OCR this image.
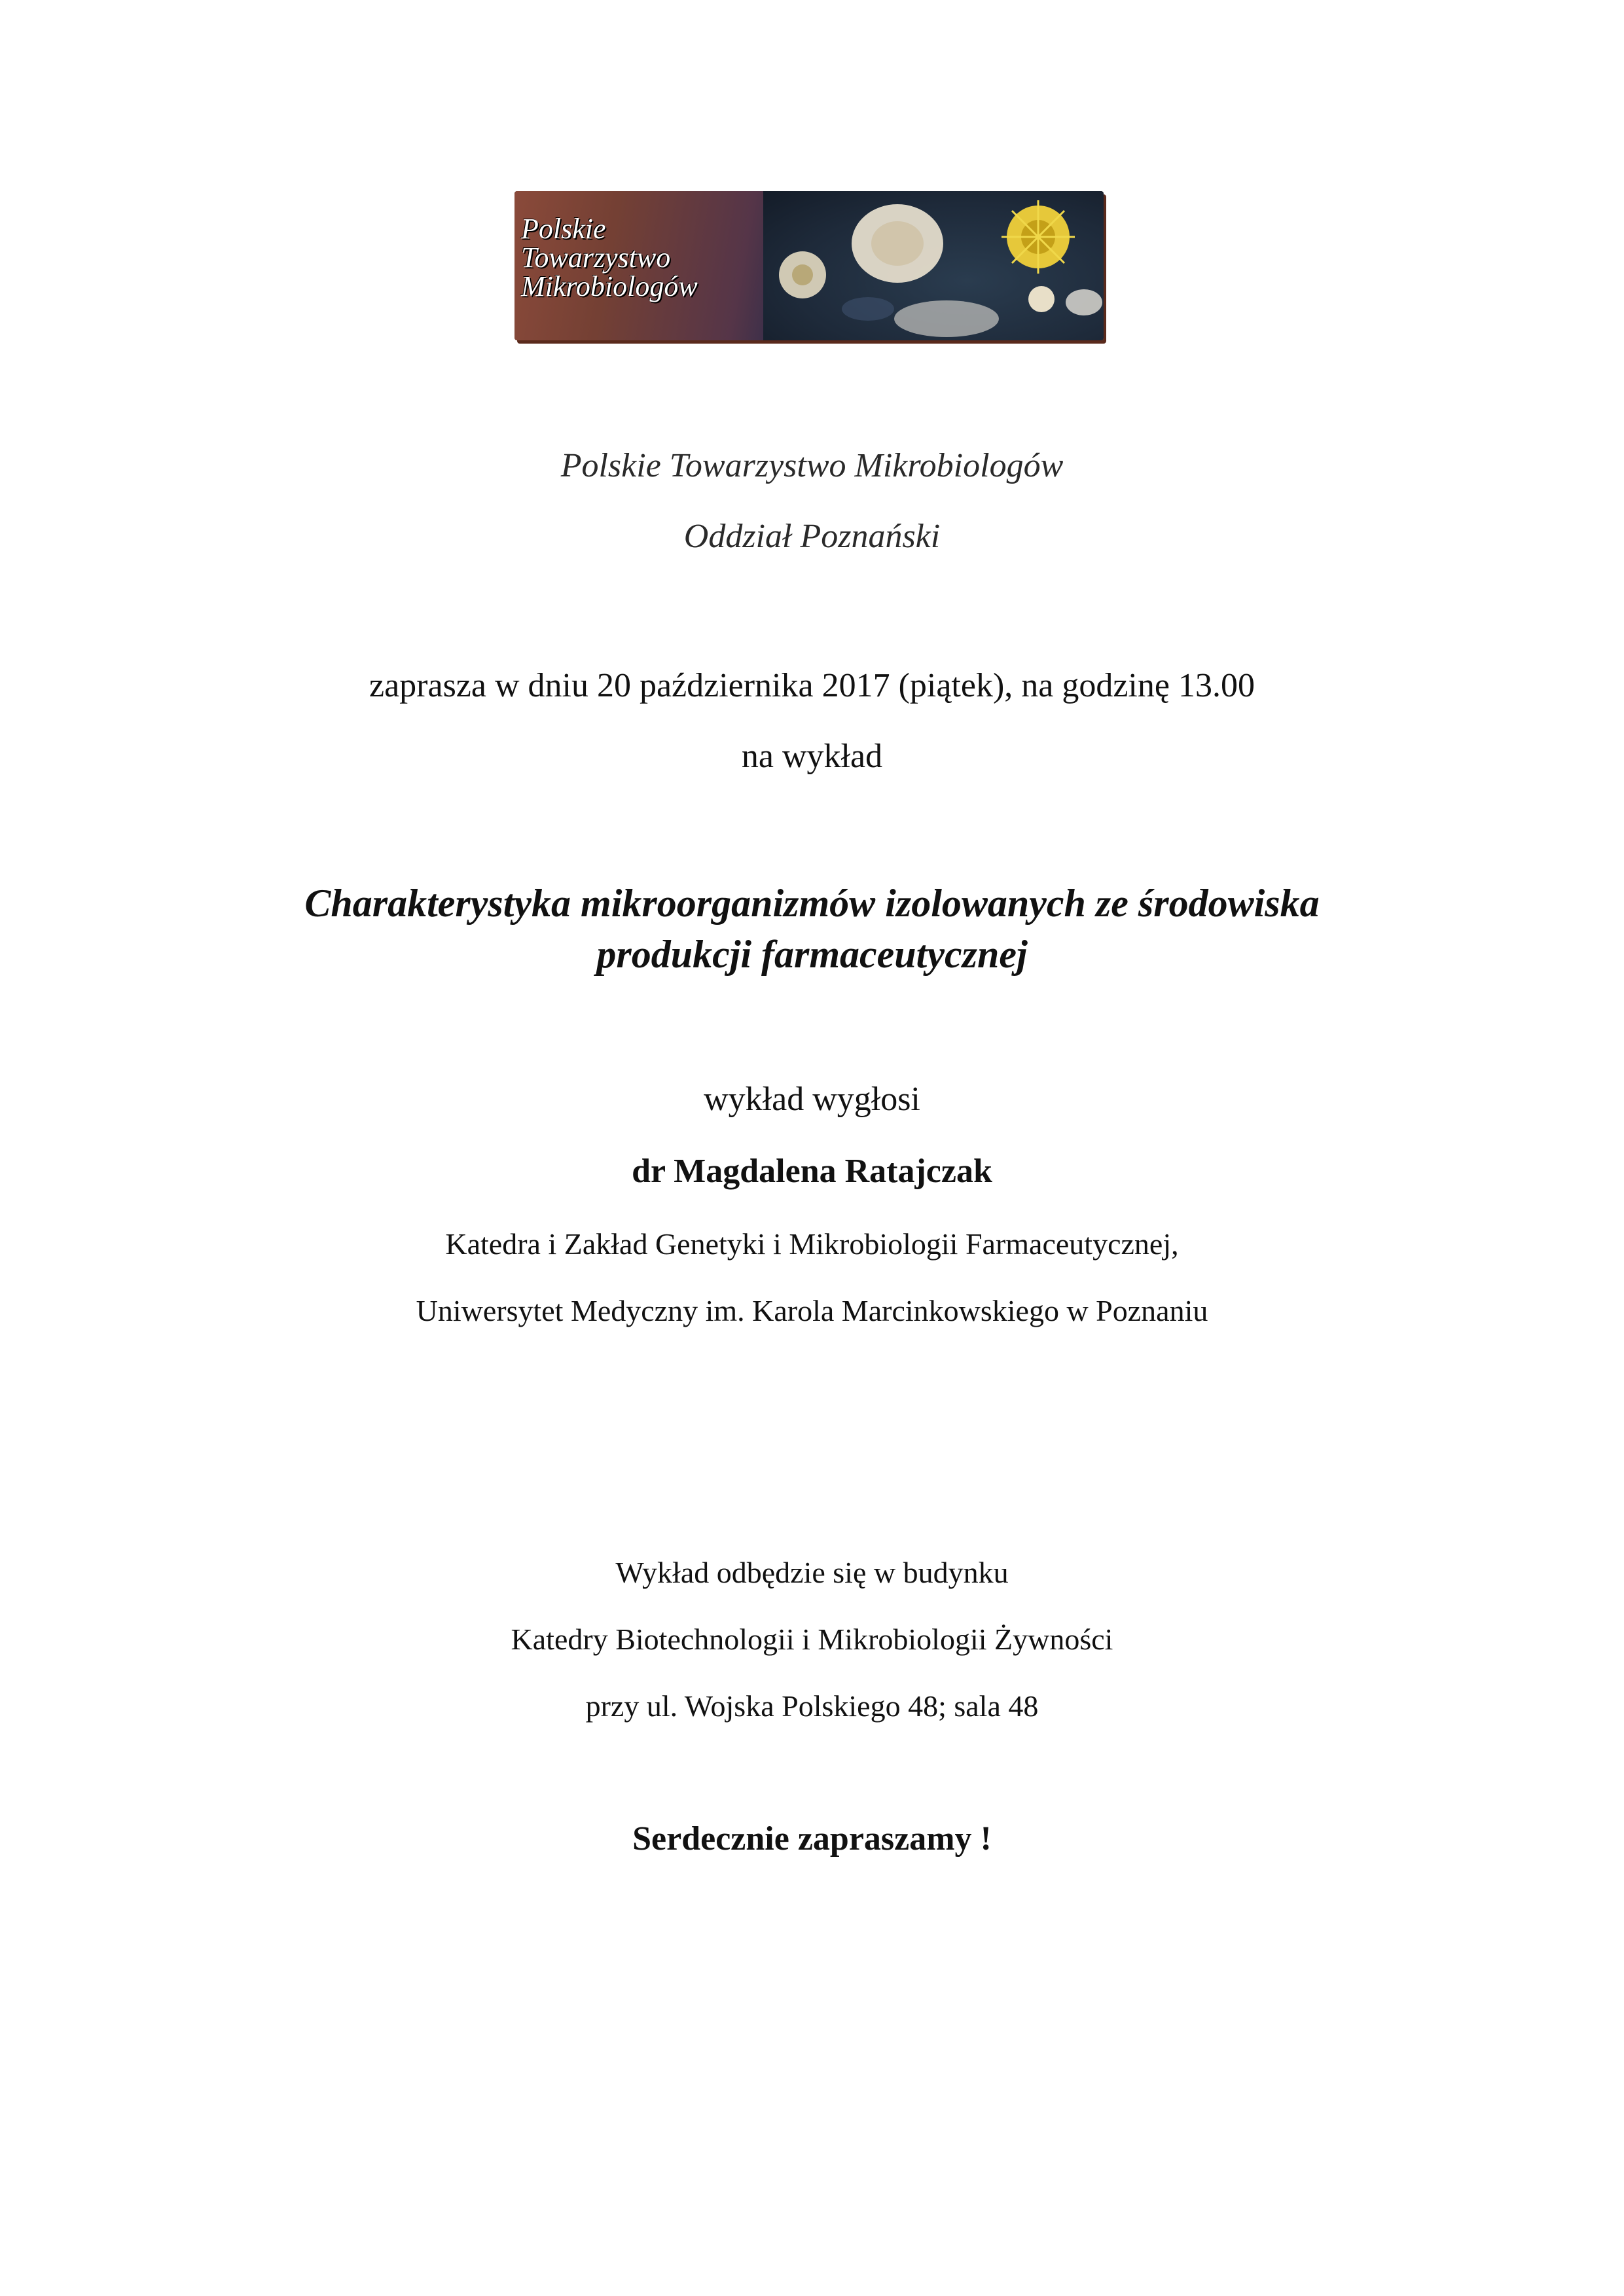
Polskie
Towarzystwo
Mikrobiologów
Polskie Towarzystwo Mikrobiologów
Oddział Poznański
zaprasza w dniu 20 października 2017 (piątek), na godzinę 13.00
na wykład
Charakterystyka mikroorganizmów izolowanych ze środowiska
produkcji farmaceutycznej
wykład wygłosi
dr Magdalena Ratajczak
Katedra i Zakład Genetyki i Mikrobiologii Farmaceutycznej,
Uniwersytet Medyczny im. Karola Marcinkowskiego w Poznaniu
Wykład odbędzie się w budynku
Katedry Biotechnologii i Mikrobiologii Żywności
przy ul. Wojska Polskiego 48; sala 48
Serdecznie zapraszamy !
